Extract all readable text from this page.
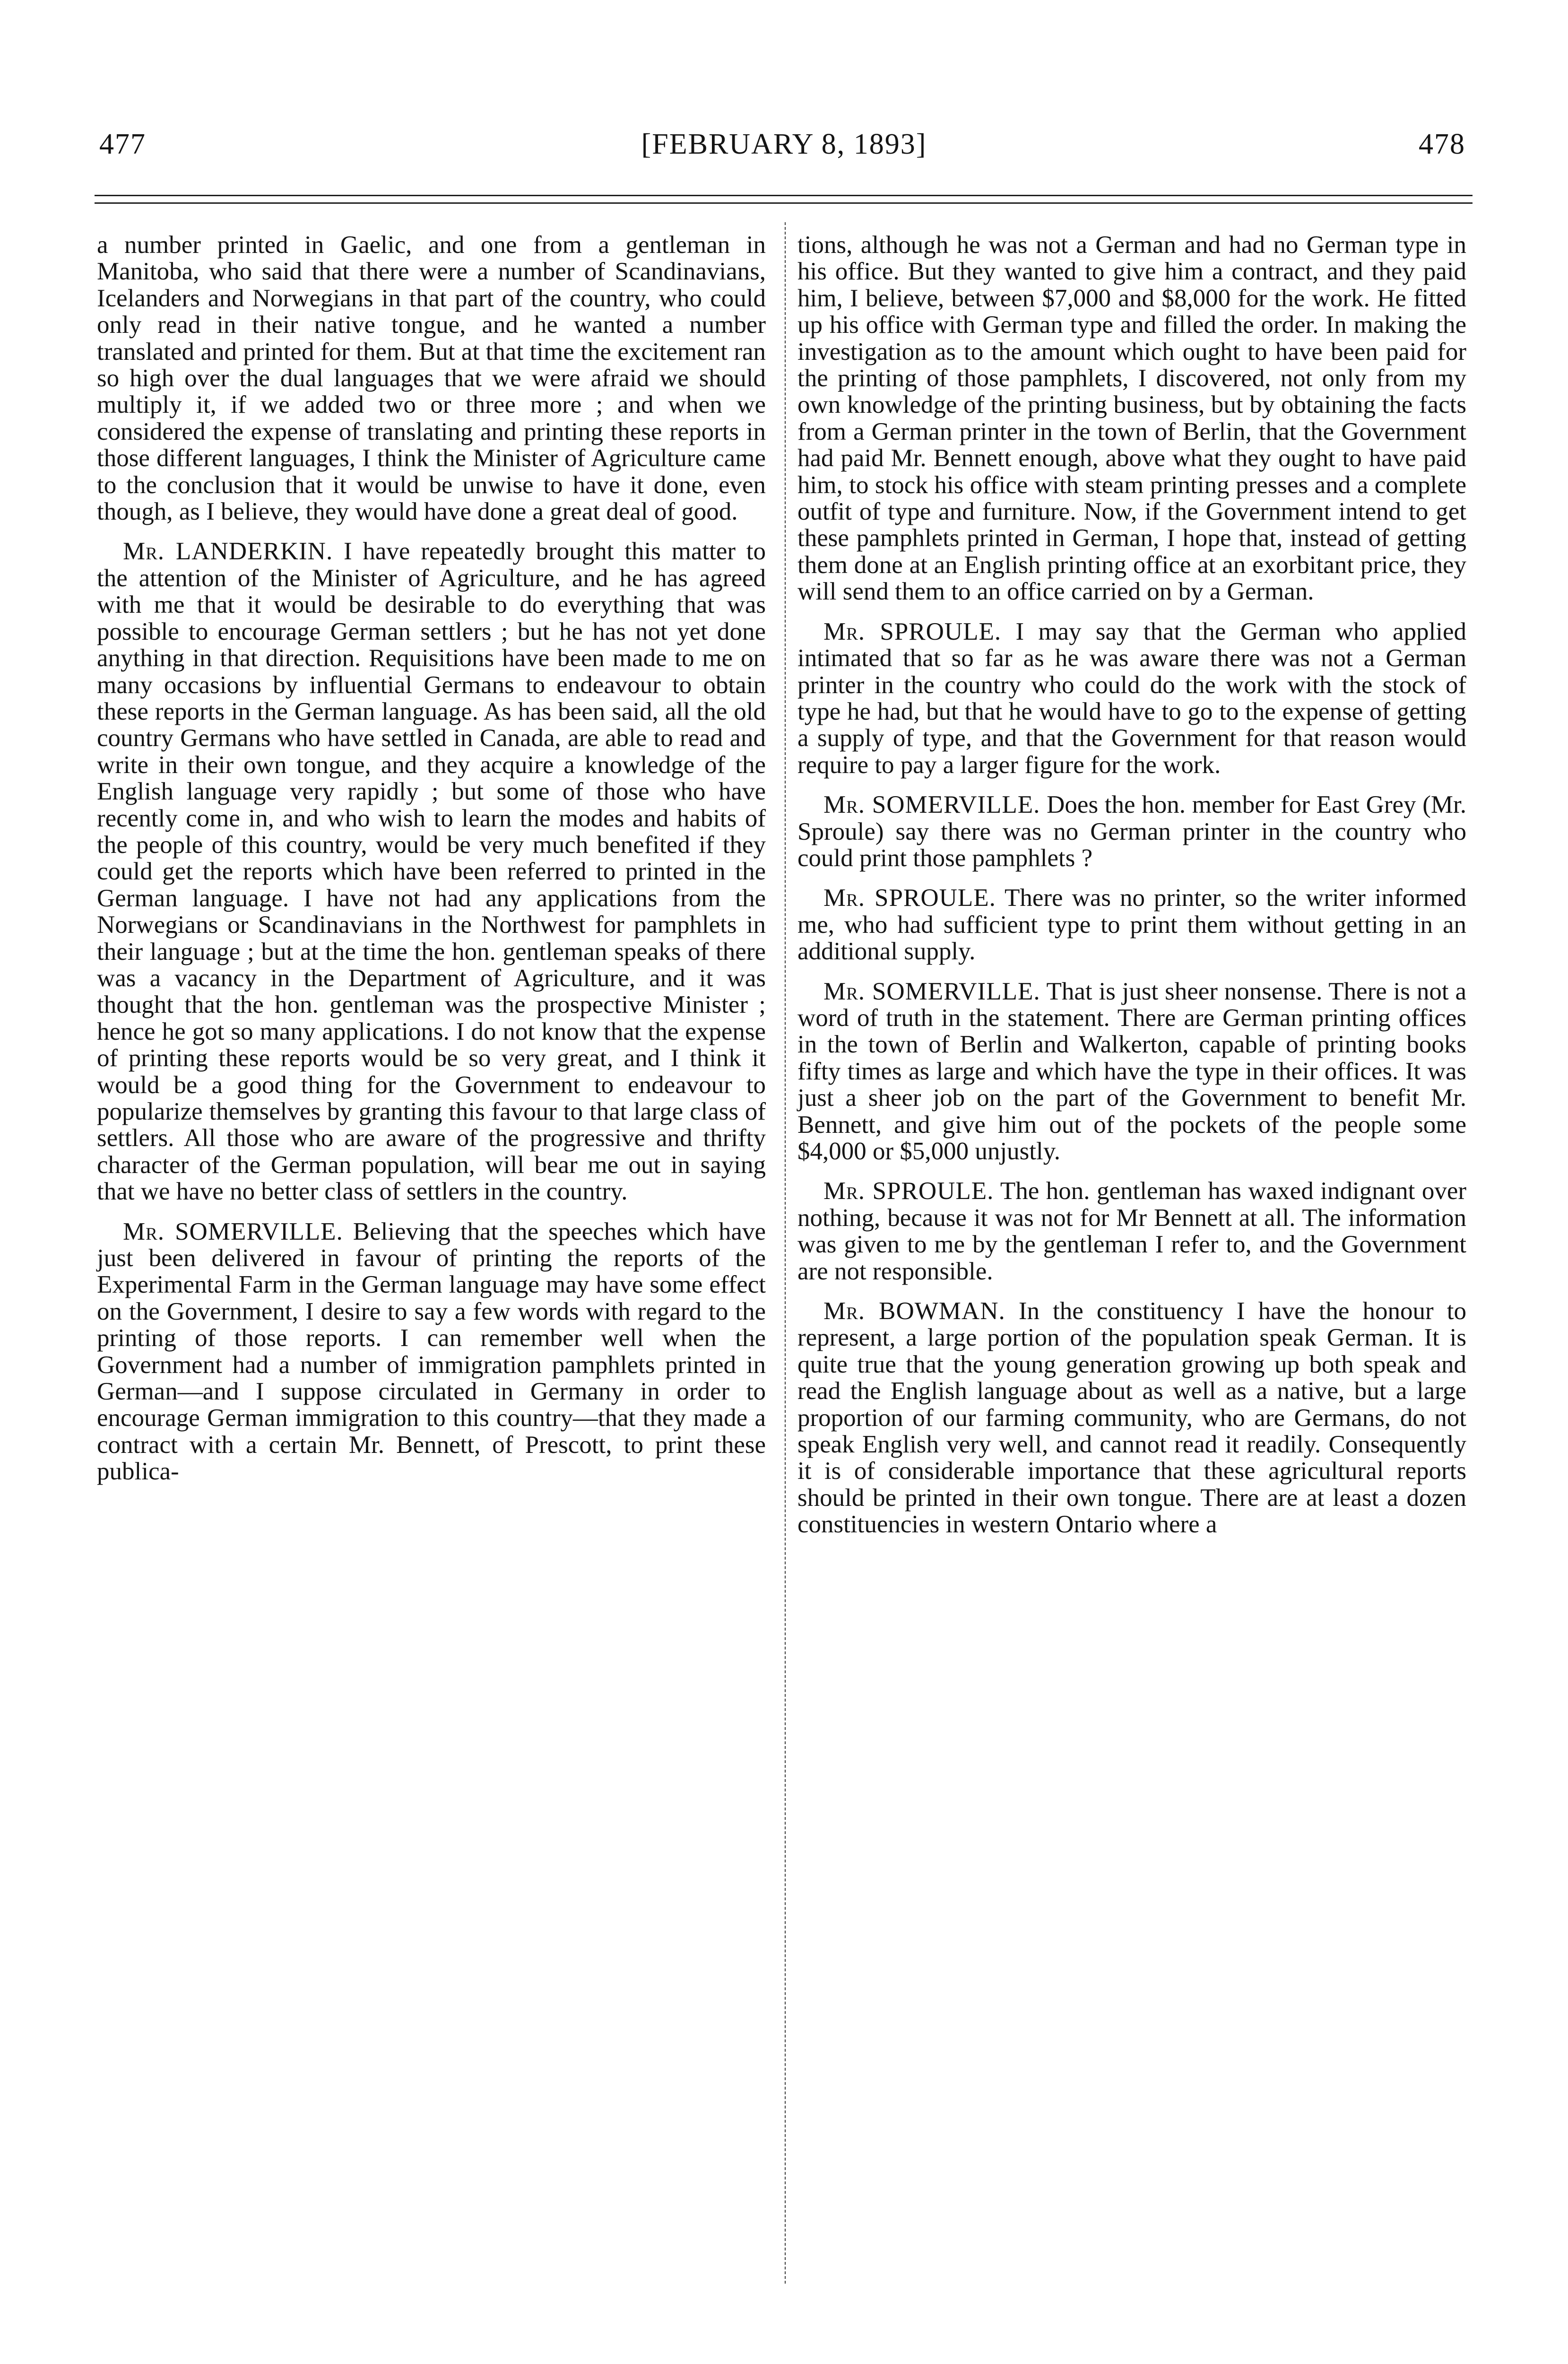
477	[FEBRUARY 8, 1893]	478

a number printed in Gaelic, and one from a gentleman in Manitoba, who said that there were a number of Scandinavians, Icelanders and Norwegians in that part of the country, who could only read in their native tongue, and he wanted a number translated and printed for them. But at that time the excitement ran so high over the dual languages that we were afraid we should multiply it, if we added two or three more ; and when we considered the expense of translating and printing these reports in those different languages, I think the Minister of Agriculture came to the conclusion that it would be unwise to have it done, even though, as I believe, they would have done a great deal of good.

Mr. LANDERKIN. I have repeatedly brought this matter to the attention of the Minister of Agriculture, and he has agreed with me that it would be desirable to do everything that was possible to encourage German settlers ; but he has not yet done anything in that direction. Requisitions have been made to me on many occasions by influential Germans to endeavour to obtain these reports in the German language. As has been said, all the old country Germans who have settled in Canada, are able to read and write in their own tongue, and they acquire a knowledge of the English language very rapidly ; but some of those who have recently come in, and who wish to learn the modes and habits of the people of this country, would be very much benefited if they could get the reports which have been referred to printed in the German language. I have not had any applications from the Norwegians or Scandinavians in the Northwest for pamphlets in their language ; but at the time the hon. gentleman speaks of there was a vacancy in the Department of Agriculture, and it was thought that the hon. gentleman was the prospective Minister ; hence he got so many applications. I do not know that the expense of printing these reports would be so very great, and I think it would be a good thing for the Government to endeavour to popularize themselves by granting this favour to that large class of settlers. All those who are aware of the progressive and thrifty character of the German population, will bear me out in saying that we have no better class of settlers in the country.

Mr. SOMERVILLE. Believing that the speeches which have just been delivered in favour of printing the reports of the Experimental Farm in the German language may have some effect on the Government, I desire to say a few words with regard to the printing of those reports. I can remember well when the Government had a number of immigration pamphlets printed in German—and I suppose circulated in Germany in order to encourage German immigration to this country—that they made a contract with a certain Mr. Bennett, of Prescott, to print these publica-

tions, although he was not a German and had no German type in his office. But they wanted to give him a contract, and they paid him, I believe, between $7,000 and $8,000 for the work. He fitted up his office with German type and filled the order. In making the investigation as to the amount which ought to have been paid for the printing of those pamphlets, I discovered, not only from my own knowledge of the printing business, but by obtaining the facts from a German printer in the town of Berlin, that the Government had paid Mr. Bennett enough, above what they ought to have paid him, to stock his office with steam printing presses and a complete outfit of type and furniture. Now, if the Government intend to get these pamphlets printed in German, I hope that, instead of getting them done at an English printing office at an exorbitant price, they will send them to an office carried on by a German.

Mr. SPROULE. I may say that the German who applied intimated that so far as he was aware there was not a German printer in the country who could do the work with the stock of type he had, but that he would have to go to the expense of getting a supply of type, and that the Government for that reason would require to pay a larger figure for the work.

Mr. SOMERVILLE. Does the hon. member for East Grey (Mr. Sproule) say there was no German printer in the country who could print those pamphlets ?

Mr. SPROULE. There was no printer, so the writer informed me, who had sufficient type to print them without getting in an additional supply.

Mr. SOMERVILLE. That is just sheer nonsense. There is not a word of truth in the statement. There are German printing offices in the town of Berlin and Walkerton, capable of printing books fifty times as large and which have the type in their offices. It was just a sheer job on the part of the Government to benefit Mr. Bennett, and give him out of the pockets of the people some $4,000 or $5,000 unjustly.

Mr. SPROULE. The hon. gentleman has waxed indignant over nothing, because it was not for Mr Bennett at all. The information was given to me by the gentleman I refer to, and the Government are not responsible.

Mr. BOWMAN. In the constituency I have the honour to represent, a large portion of the population speak German. It is quite true that the young generation growing up both speak and read the English language about as well as a native, but a large proportion of our farming community, who are Germans, do not speak English very well, and cannot read it readily. Consequently it is of considerable importance that these agricultural reports should be printed in their own tongue. There are at least a dozen constituencies in western Ontario where a
